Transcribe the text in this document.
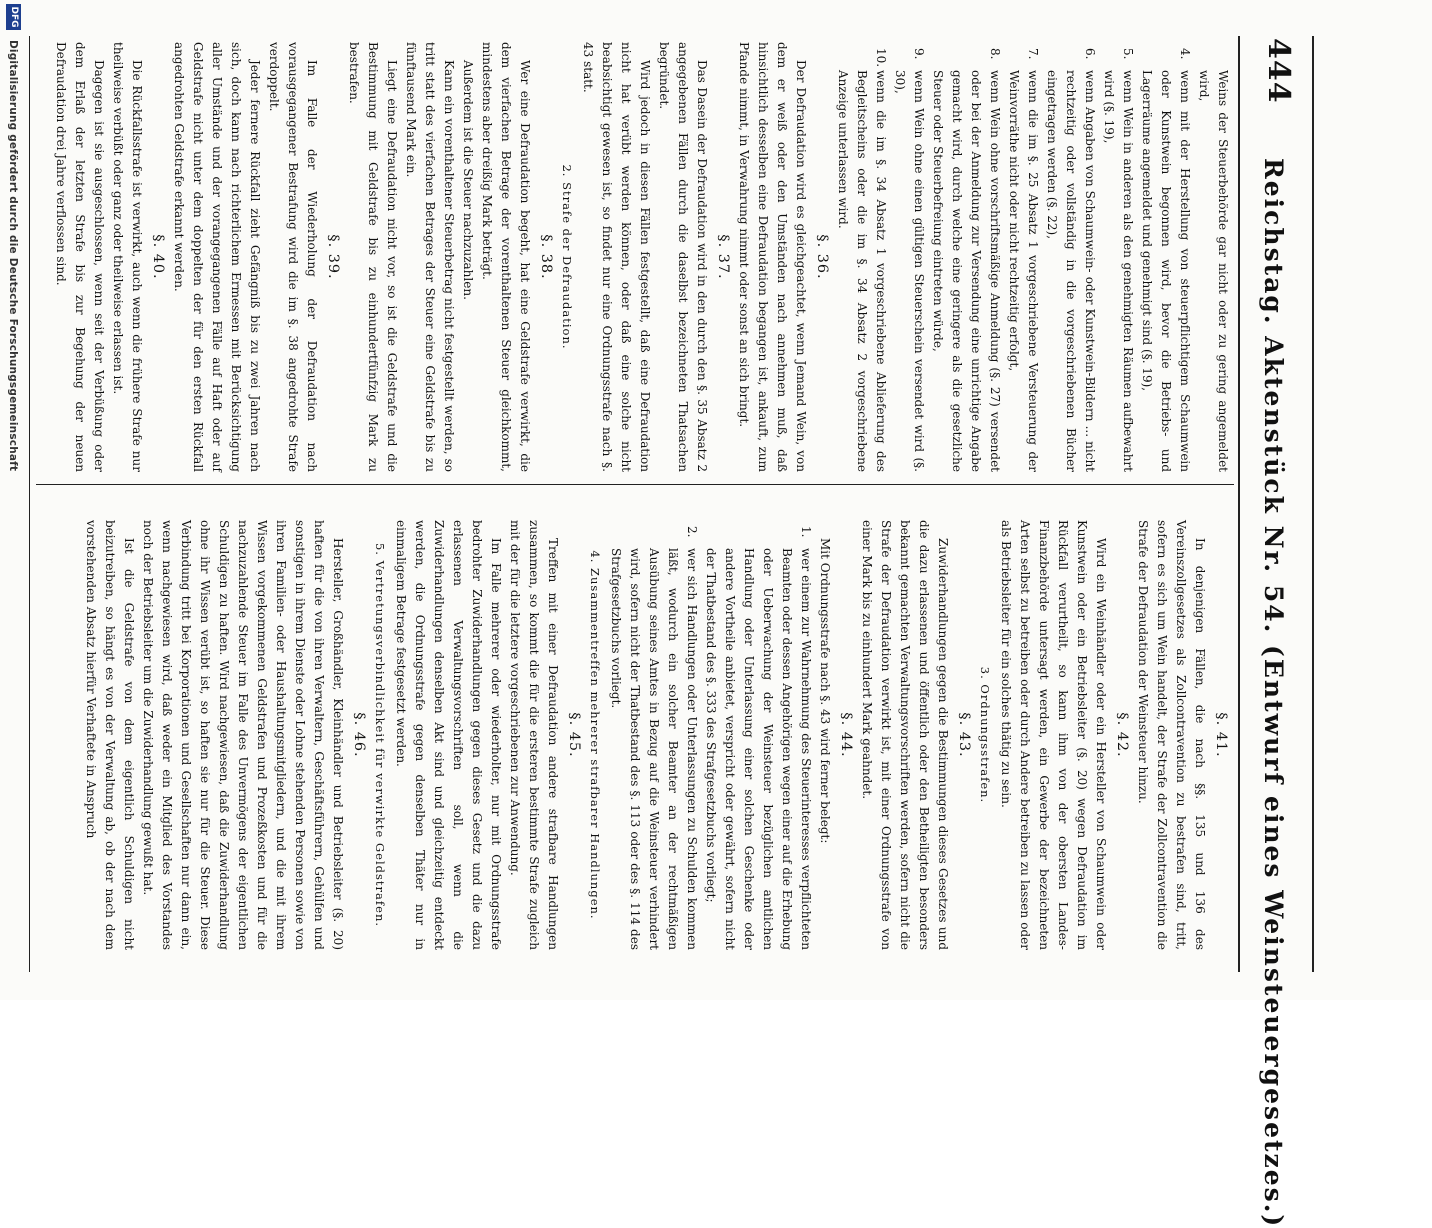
444
Reichstag. Aktenstück Nr. 54. (Entwurf eines Weinsteuergesetzes.)

Weins der Steuerbehörde gar nicht oder zu gering angemeldet wird,

4.wenn mit der Herstellung von steuerpflichtigem Schaumwein oder Kunstwein begonnen wird, bevor die Betriebs- und Lagerräume angemeldet und genehmigt sind (§. 19),

5.wenn Wein in anderen als den genehmigten Räumen aufbewahrt wird (§. 19),

6.wenn Angaben von Schaumwein- oder Kunstwein-Bildern ... nicht rechtzeitig oder vollständig in die vorgeschriebenen Bücher eingetragen werden (§. 22),

7.wenn die im §. 25 Absatz 1 vorgeschriebene Versteuerung der Weinvorräthe nicht oder nicht rechtzeitig erfolgt,

8.wenn Wein ohne vorschriftsmäßige Anmeldung (§. 27) versendet oder bei der Anmeldung zur Versendung eine unrichtige Angabe gemacht wird, durch welche eine geringere als die gesetzliche Steuer oder Steuerbefreiung eintreten würde,

9.wenn Wein ohne einen gültigen Steuerschein versendet wird (§. 30),

10.wenn die im §. 34 Absatz 1 vorgeschriebene Ablieferung des Begleitscheins oder die im §. 34 Absatz 2 vorgeschriebene Anzeige unterlassen wird.

§. 36.

Der Defraudation wird es gleichgeachtet, wenn Jemand Wein, von dem er weiß oder den Umständen nach annehmen muß, daß hinsichtlich desselben eine Defraudation begangen ist, ankauft, zum Pfande nimmt, in Verwahrung nimmt oder sonst an sich bringt.

§. 37.

Das Dasein der Defraudation wird in den durch den §. 35 Absatz 2 angegebenen Fällen durch die daselbst bezeichneten Thatsachen begründet.

Wird jedoch in diesen Fällen festgestellt, daß eine Defraudation nicht hat verübt werden können, oder daß eine solche nicht beabsichtigt gewesen ist, so findet nur eine Ordnungsstrafe nach §. 43 statt.

2. Strafe der Defraudation.

§. 38.

Wer eine Defraudation begeht, hat eine Geldstrafe verwirkt, die dem vierfachen Betrage der vorenthaltenen Steuer gleichkommt, mindestens aber dreißig Mark beträgt.

Außerdem ist die Steuer nachzuzahlen.

Kann ein vorenthaltener Steuerbetrag nicht festgestellt werden, so tritt statt des vierfachen Betrages der Steuer eine Geldstrafe bis zu fünftausend Mark ein.

Liegt eine Defraudation nicht vor, so ist die Geldstrafe und die Bestimmung mit Geldstrafe bis zu einhundertfünfzig Mark zu bestrafen.

§. 39.

Im Falle der Wiederholung der Defraudation nach vorausgegangener Bestrafung wird die im §. 38 angedrohte Strafe verdoppelt.

Jeder fernere Rückfall zieht Gefängniß bis zu zwei Jahren nach sich, doch kann nach richterlichem Ermessen mit Berücksichtigung aller Umstände und der vorangegangenen Fälle auf Haft oder auf Geldstrafe nicht unter dem doppelten der für den ersten Rückfall angedrohten Geldstrafe erkannt werden.

§. 40.

Die Rückfallsstrafe ist verwirkt, auch wenn die frühere Strafe nur theilweise verbüßt oder ganz oder theilweise erlassen ist.

Dagegen ist sie ausgeschlossen, wenn seit der Verbüßung oder dem Erlaß der letzten Strafe bis zur Begehung der neuen Defraudation drei Jahre verflossen sind.

§. 41.

In denjenigen Fällen, die nach §§. 135 und 136 des Vereinszollgesetzes als Zollcontravention zu bestrafen sind, tritt, sofern es sich um Wein handelt, der Strafe der Zollcontravention die Strafe der Defraudation der Weinsteuer hinzu.

§. 42.

Wird ein Weinhändler oder ein Hersteller von Schaumwein oder Kunstwein oder ein Betriebsleiter (§. 20) wegen Defraudation im Rückfall verurtheilt, so kann ihm von der obersten Landes-Finanzbehörde untersagt werden, ein Gewerbe der bezeichneten Arten selbst zu betreiben oder durch Andere betreiben zu lassen oder als Betriebsleiter für ein solches thätig zu sein.

3. Ordnungsstrafen.

§. 43.

Zuwiderhandlungen gegen die Bestimmungen dieses Gesetzes und die dazu erlassenen und öffentlich oder den Betheiligten besonders bekannt gemachten Verwaltungsvorschriften werden, sofern nicht die Strafe der Defraudation verwirkt ist, mit einer Ordnungsstrafe von einer Mark bis zu einhundert Mark geahndet.

§. 44.

Mit Ordnungsstrafe nach §. 43 wird ferner belegt:

1.wer einem zur Wahrnehmung des Steuerinteresses verpflichteten Beamten oder dessen Angehörigen wegen einer auf die Erhebung oder Ueberwachung der Weinsteuer bezüglichen amtlichen Handlung oder Unterlassung einer solchen Geschenke oder andere Vortheile anbietet, verspricht oder gewährt, sofern nicht der Thatbestand des §. 333 des Strafgesetzbuchs vorliegt;

2.wer sich Handlungen oder Unterlassungen zu Schulden kommen läßt, wodurch ein solcher Beamter an der rechtmäßigen Ausübung seines Amtes in Bezug auf die Weinsteuer verhindert wird, sofern nicht der Thatbestand des §. 113 oder des §. 114 des Strafgesetzbuchs vorliegt.

4. Zusammentreffen mehrerer strafbarer Handlungen.

§. 45.

Treffen mit einer Defraudation andere strafbare Handlungen zusammen, so kommt die für die ersteren bestimmte Strafe zugleich mit der für die letztere vorgeschriebenen zur Anwendung.

Im Falle mehrerer oder wiederholter, nur mit Ordnungsstrafe bedrohter Zuwiderhandlungen gegen dieses Gesetz und die dazu erlassenen Verwaltungsvorschriften soll, wenn die Zuwiderhandlungen denselben Akt sind und gleichzeitig entdeckt werden, die Ordnungsstrafe gegen denselben Thäter nur in einmaligem Betrage festgesetzt werden.

5. Vertretungsverbindlichkeit für verwirkte Geldstrafen.

§. 46.

Hersteller, Großhändler, Kleinhändler und Betriebsleiter (§. 20) haften für die von ihren Verwaltern, Geschäftsführern, Gehülfen und sonstigen in ihrem Dienste oder Lohne stehenden Personen sowie von ihren Familien- oder Haushaltungsmitgliedern, und die mit ihrem Wissen vorgekommenen Geldstrafen und Prozeßkosten und für die nachzuzahlende Steuer im Falle des Unvermögens der eigentlichen Schuldigen zu haften. Wird nachgewiesen, daß die Zuwiderhandlung ohne ihr Wissen verübt ist, so haften sie nur für die Steuer. Diese Verbindung tritt bei Korporationen und Gesellschaften nur dann ein, wenn nachgewiesen wird, daß weder ein Mitglied des Vorstandes noch der Betriebsleiter um die Zuwiderhandlung gewußt hat.

Ist die Geldstrafe von dem eigentlich Schuldigen nicht beizutreiben, so hängt es von der Verwaltung ab, ob der nach dem vorstehenden Absatz hierfür Verhaftete in Anspruch

DFG
Digitalisierung gefördert durch die Deutsche Forschungsgemeinschaft
